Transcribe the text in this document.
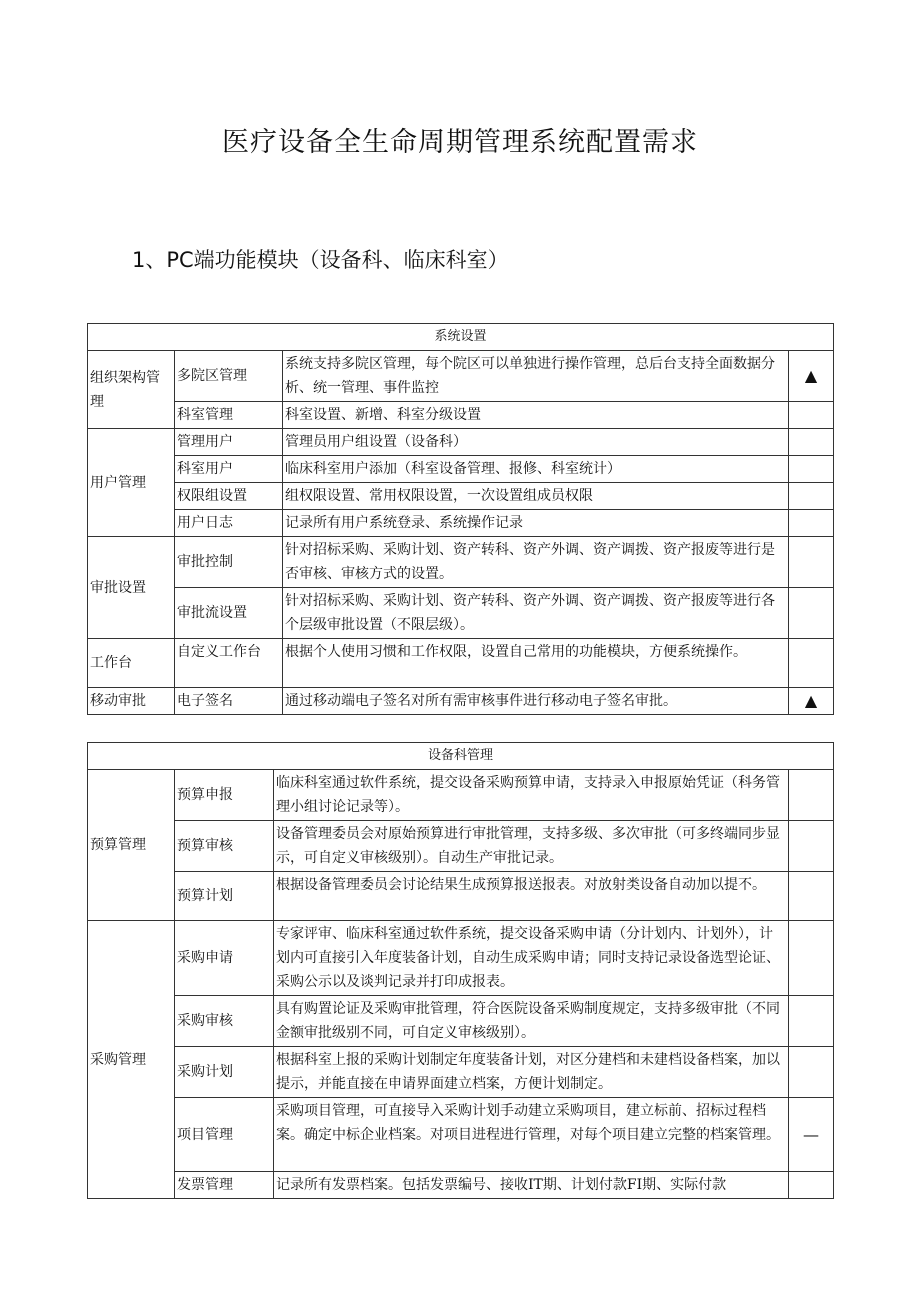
医疗设备全生命周期管理系统配置需求
1、PC端功能模块（设备科、临床科室）
系统设置			
组织架构管理	多院区管理	系统支持多院区管理，每个院区可以单独进行操作管理，总后台支持全面数据分析、统一管理、事件监控	▲
	科室管理	科室设置、新增、科室分级设置	
用户管理	管理用户	管理员用户组设置（设备科）	
	科室用户	临床科室用户添加（科室设备管理、报修、科室统计）	
	权限组设置	组权限设置、常用权限设置，一次设置组成员权限	
	用户日志	记录所有用户系统登录、系统操作记录	
审批设置	审批控制	针对招标采购、采购计划、资产转科、资产外调、资产调拨、资产报废等进行是否审核、审核方式的设置。	
	审批流设置	针对招标采购、采购计划、资产转科、资产外调、资产调拨、资产报废等进行各个层级审批设置（不限层级）。	
工作台	自定义工作台	根据个人使用习惯和工作权限，设置自己常用的功能模块，方便系统操作。	
移动审批	电子签名	通过移动端电子签名对所有需审核事件进行移动电子签名审批。	▲
设备科管理			
预算管理	预算申报	临床科室通过软件系统，提交设备采购预算申请，支持录入申报原始凭证（科务管理小组讨论记录等）。	
	预算审核	设备管理委员会对原始预算进行审批管理，支持多级、多次审批（可多终端同步显示，可自定义审核级别）。自动生产审批记录。	
	预算计划	根据设备管理委员会讨论结果生成预算报送报表。对放射类设备自动加以提不。	
采购管理	采购申请	专家评审、临床科室通过软件系统，提交设备采购申请（分计划内、计划外），计划内可直接引入年度装备计划，自动生成采购申请；同时支持记录设备选型论证、采购公示以及谈判记录并打印成报表。	
	采购审核	具有购置论证及采购审批管理，符合医院设备采购制度规定，支持多级审批（不同金额审批级别不同，可自定义审核级别）。	
	采购计划	根据科室上报的采购计划制定年度装备计划，对区分建档和未建档设备档案，加以提示，并能直接在申请界面建立档案，方便计划制定。	
	项目管理	采购项目管理，可直接导入采购计划手动建立采购项目，建立标前、招标过程档案。确定中标企业档案。对项目进程进行管理，对每个项目建立完整的档案管理。	—
	发票管理	记录所有发票档案。包括发票编号、接收ΙΤ期、计划付款FI期、实际付款	
